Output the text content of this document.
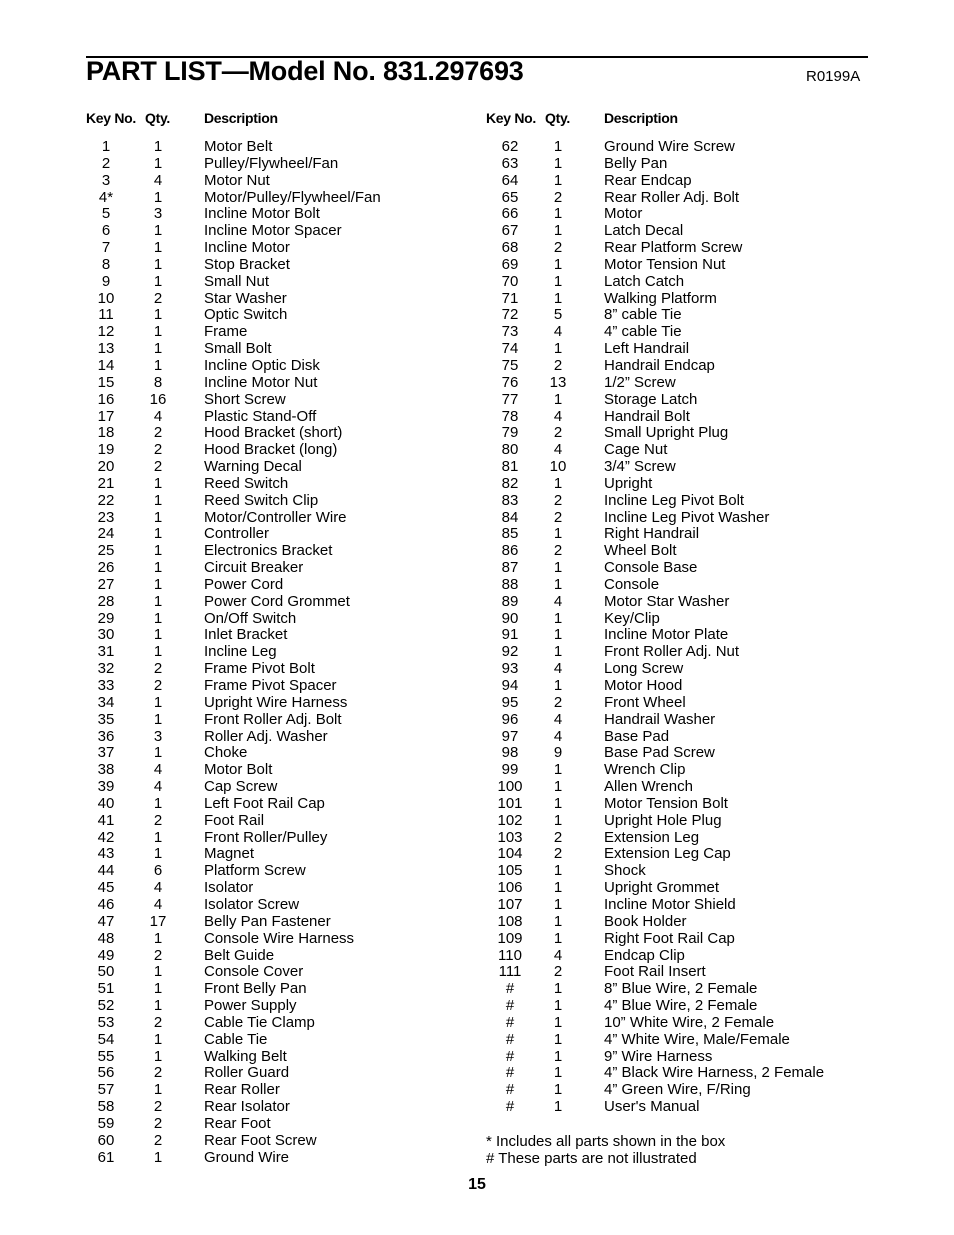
PART LIST—Model No. 831.297693	R0199A
Key No. Qty. Description
1	1	Motor Belt
2	1	Pulley/Flywheel/Fan
3	4	Motor Nut
4*	1	Motor/Pulley/Flywheel/Fan
5	3	Incline Motor Bolt
6	1	Incline Motor Spacer
7	1	Incline Motor
8	1	Stop Bracket
9	1	Small Nut
10	2	Star Washer
11	1	Optic Switch
12	1	Frame
13	1	Small Bolt
14	1	Incline Optic Disk
15	8	Incline Motor Nut
16	16	Short Screw
17	4	Plastic Stand-Off
18	2	Hood Bracket (short)
19	2	Hood Bracket (long)
20	2	Warning Decal
21	1	Reed Switch
22	1	Reed Switch Clip
23	1	Motor/Controller Wire
24	1	Controller
25	1	Electronics Bracket
26	1	Circuit Breaker
27	1	Power Cord
28	1	Power Cord Grommet
29	1	On/Off Switch
30	1	Inlet Bracket
31	1	Incline Leg
32	2	Frame Pivot Bolt
33	2	Frame Pivot Spacer
34	1	Upright Wire Harness
35	1	Front Roller Adj. Bolt
36	3	Roller Adj. Washer
37	1	Choke
38	4	Motor Bolt
39	4	Cap Screw
40	1	Left Foot Rail Cap
41	2	Foot Rail
42	1	Front Roller/Pulley
43	1	Magnet
44	6	Platform Screw
45	4	Isolator
46	4	Isolator Screw
47	17	Belly Pan Fastener
48	1	Console Wire Harness
49	2	Belt Guide
50	1	Console Cover
51	1	Front Belly Pan
52	1	Power Supply
53	2	Cable Tie Clamp
54	1	Cable Tie
55	1	Walking Belt
56	2	Roller Guard
57	1	Rear Roller
58	2	Rear Isolator
59	2	Rear Foot
60	2	Rear Foot Screw
61	1	Ground Wire
Key No. Qty. Description
62	1	Ground Wire Screw
63	1	Belly Pan
64	1	Rear Endcap
65	2	Rear Roller Adj. Bolt
66	1	Motor
67	1	Latch Decal
68	2	Rear Platform Screw
69	1	Motor Tension Nut
70	1	Latch Catch
71	1	Walking Platform
72	5	8” cable Tie
73	4	4” cable Tie
74	1	Left Handrail
75	2	Handrail Endcap
76	13	1/2” Screw
77	1	Storage Latch
78	4	Handrail Bolt
79	2	Small Upright Plug
80	4	Cage Nut
81	10	3/4” Screw
82	1	Upright
83	2	Incline Leg Pivot Bolt
84	2	Incline Leg Pivot Washer
85	1	Right Handrail
86	2	Wheel Bolt
87	1	Console Base
88	1	Console
89	4	Motor Star Washer
90	1	Key/Clip
91	1	Incline Motor Plate
92	1	Front Roller Adj. Nut
93	4	Long Screw
94	1	Motor Hood
95	2	Front Wheel
96	4	Handrail Washer
97	4	Base Pad
98	9	Base Pad Screw
99	1	Wrench Clip
100	1	Allen Wrench
101	1	Motor Tension Bolt
102	1	Upright Hole Plug
103	2	Extension Leg
104	2	Extension Leg Cap
105	1	Shock
106	1	Upright Grommet
107	1	Incline Motor Shield
108	1	Book Holder
109	1	Right Foot Rail Cap
110	4	Endcap Clip
111	2	Foot Rail Insert
#	1	8” Blue Wire, 2 Female
#	1	4” Blue Wire, 2 Female
#	1	10” White Wire, 2 Female
#	1	4” White Wire, Male/Female
#	1	9” Wire Harness
#	1	4” Black Wire Harness, 2 Female
#	1	4” Green Wire, F/Ring
#	1	User's Manual
* Includes all parts shown in the box
# These parts are not illustrated
15
